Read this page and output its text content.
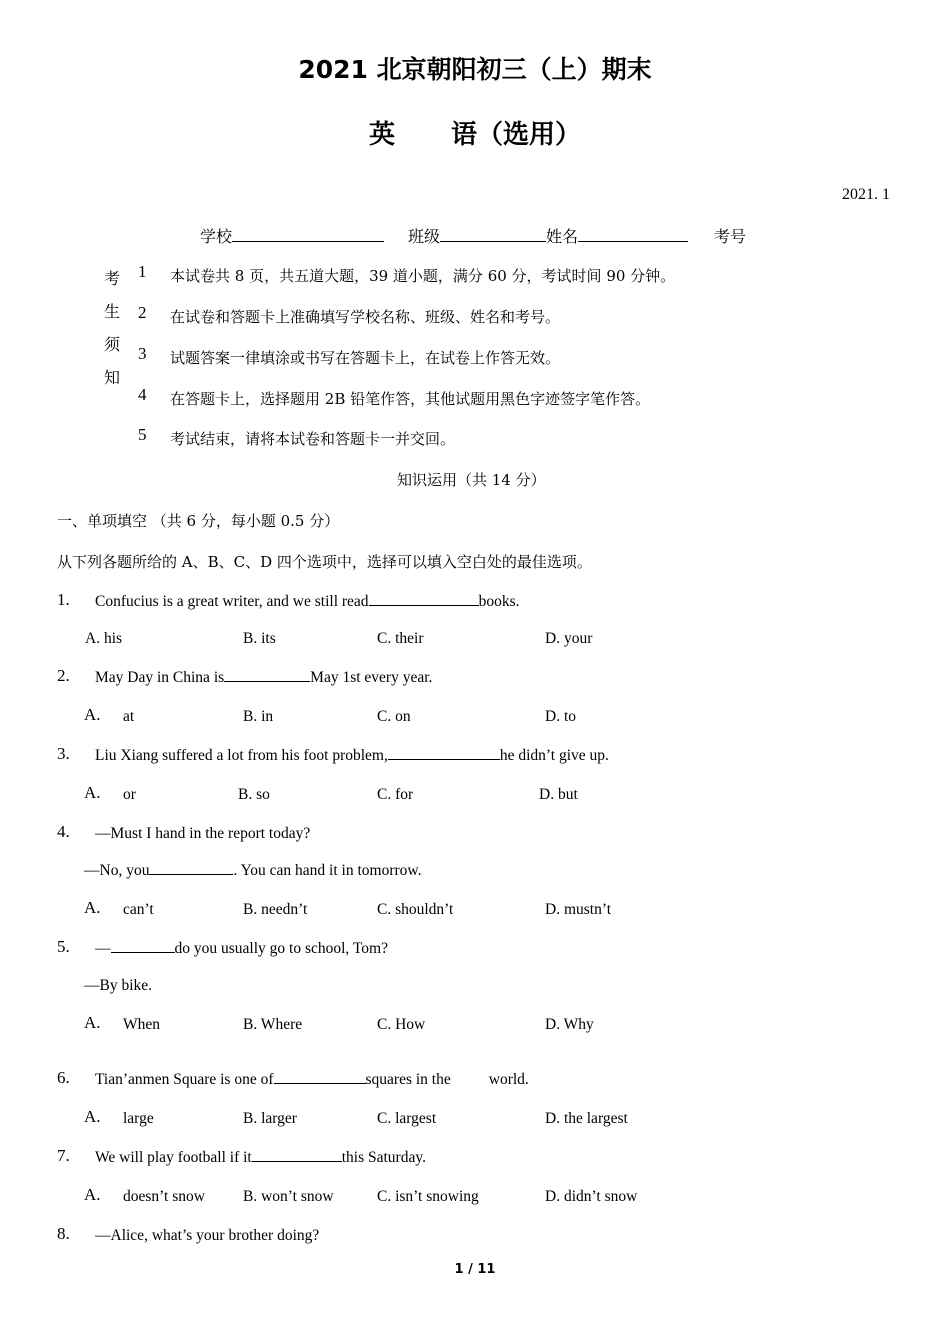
2021 北京朝阳初三（上）期末
英 语（选用）
2021. 1
学校	班级	姓名	考号
考
生
须
知
1 本试卷共 8 页，共五道大题，39 道小题，满分 60 分，考试时间 90 分钟。
2 在试卷和答题卡上准确填写学校名称、班级、姓名和考号。
3 试题答案一律填涂或书写在答题卡上，在试卷上作答无效。
4 在答题卡上，选择题用 2B 铅笔作答，其他试题用黑色字迹签字笔作答。
5 考试结束，请将本试卷和答题卡一并交回。
知识运用（共 14 分）
一、单项填空 （共 6 分，每小题 0.5 分）
从下列各题所给的 A、B、C、D 四个选项中，选择可以填入空白处的最佳选项。
1. Confucius is a great writer, and we still read	books.
A. his	B. its	C. their	D. your
2. May Day in China is	May 1st every year.
A. at	B. in	C. on	D. to
3. Liu Xiang suffered a lot from his foot problem,	he didn’t give up.
A. or	B. so	C. for	D. but
4. —Must I hand in the report today?
—No, you	. You can hand it in tomorrow.
A. can’t	B. needn’t	C. shouldn’t	D. mustn’t
5. —	do you usually go to school, Tom?
—By bike.
A. When	B. Where	C. How	D. Why
6. Tian’anmen Square is one of	squares in the world.
A. large	B. larger	C. largest	D. the largest
7. We will play football if it	this Saturday.
A. doesn’t snow B. won’t snow	C. isn’t snowing	D. didn’t snow
8. —Alice, what’s your brother doing?
1 / 11
